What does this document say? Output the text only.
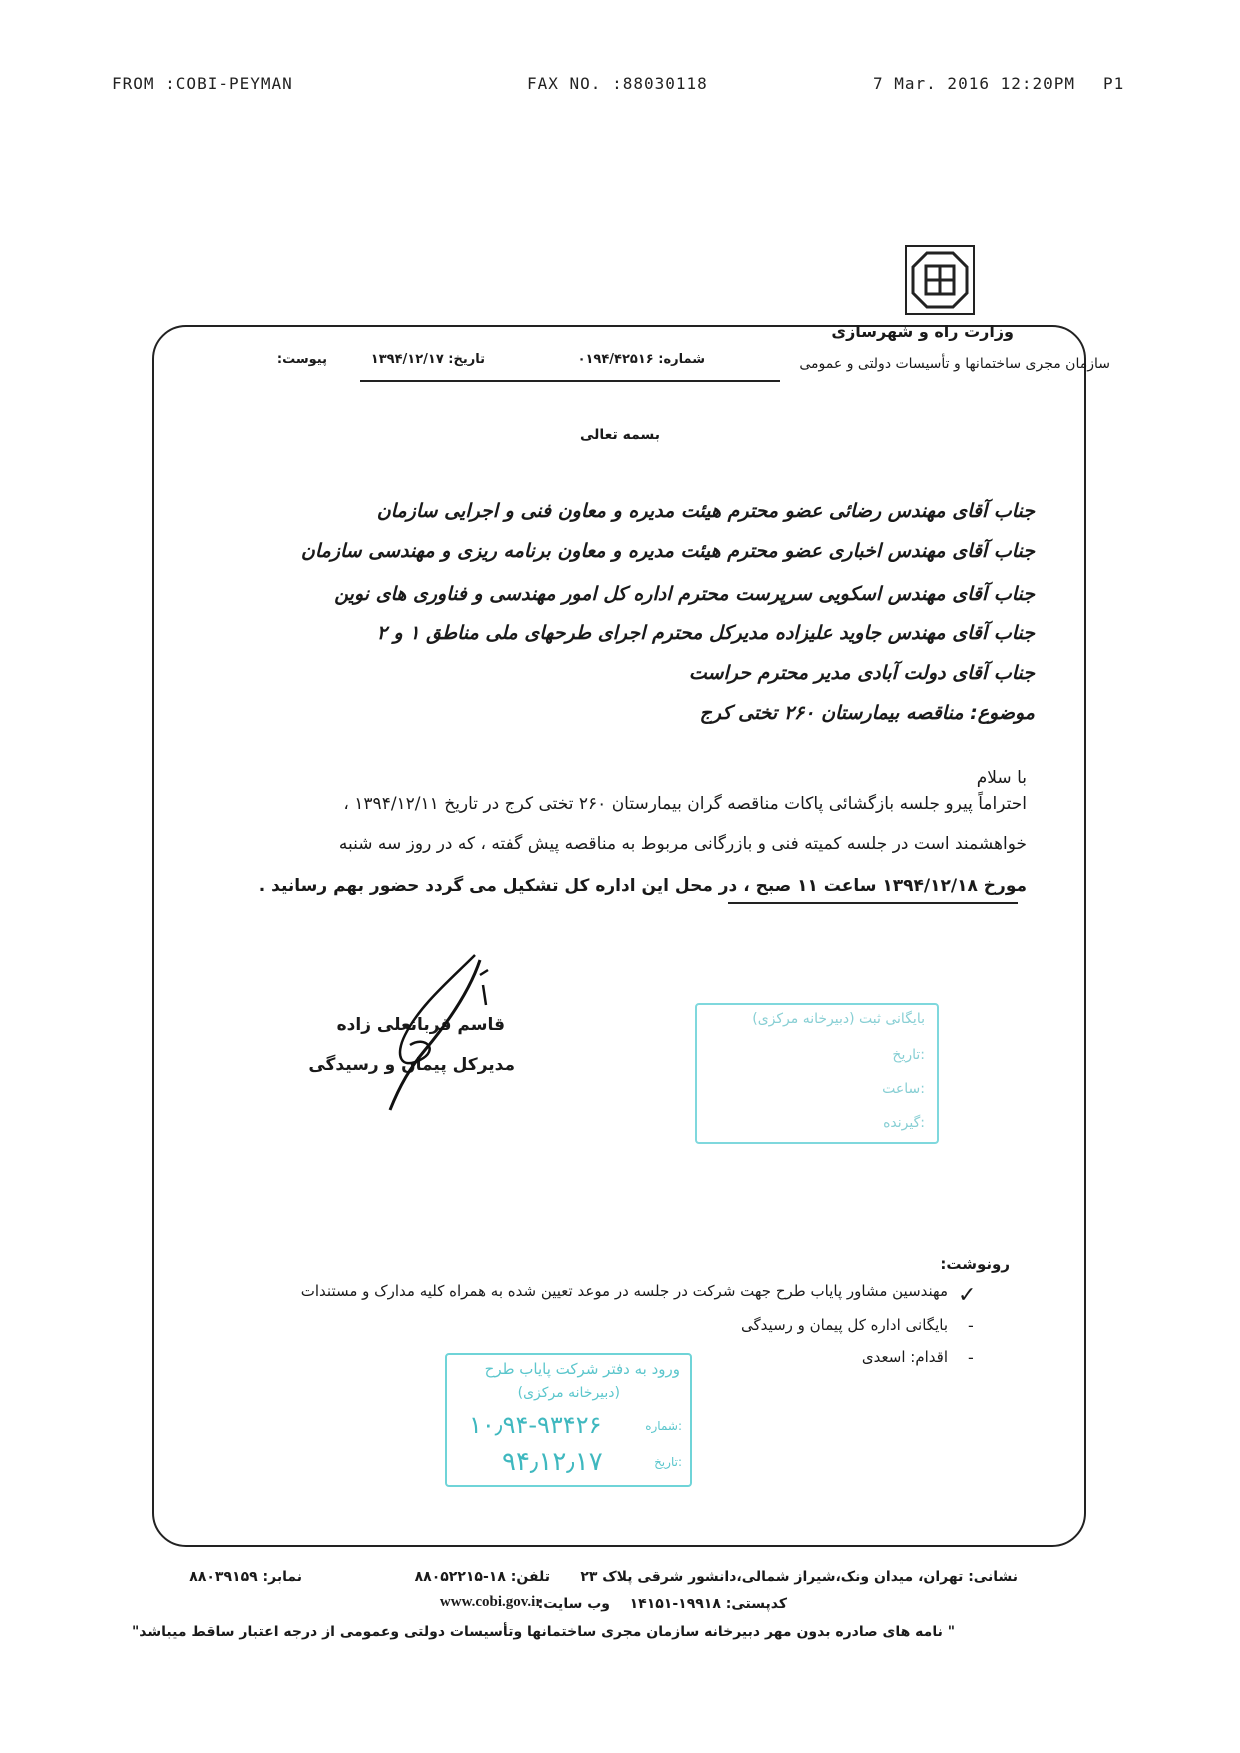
FROM :COBI-PEYMAN	FAX NO. :88030118	7 Mar. 2016 12:20PM P1
وزارت راه و شهرسازی
سازمان مجری ساختمانها و تأسیسات دولتی و عمومی
شماره: ۰۱۹۴/۴۲۵۱۶
تاریخ: ۱۳۹۴/۱۲/۱۷
پیوست:
بسمه تعالی
جناب آقای مهندس رضائی عضو محترم هیئت مدیره و معاون فنی و اجرایی سازمان
جناب آقای مهندس اخباری عضو محترم هیئت مدیره و معاون برنامه ریزی و مهندسی سازمان
جناب آقای مهندس اسکویی سرپرست محترم اداره کل امور مهندسی و فناوری های نوین
جناب آقای مهندس جاوید علیزاده مدیرکل محترم اجرای طرحهای ملی مناطق ۱ و ۲
جناب آقای دولت آبادی مدیر محترم حراست
موضوع: مناقصه بیمارستان ۲۶۰ تختی کرج
با سلام
احتراماً پیرو جلسه بازگشائی پاکات مناقصه گران بیمارستان ۲۶۰ تختی کرج در تاریخ ۱۳۹۴/۱۲/۱۱ ،
خواهشمند است در جلسه کمیته فنی و بازرگانی مربوط به مناقصه پیش گفته ، که در روز سه شنبه
مورخ ۱۳۹۴/۱۲/۱۸ ساعت ۱۱ صبح ، در محل این اداره کل تشکیل می گردد حضور بهم رسانید .
قاسم قربانعلی زاده
مدیرکل پیمان و رسیدگی
بایگانی ثبت (دبیرخانه مرکزی)
تاریخ:
ساعت:
گیرنده:
رونوشت:
✓
مهندسین مشاور پایاب طرح جهت شرکت در جلسه در موعد تعیین شده به همراه کلیه مدارک و مستندات
-
بایگانی اداره کل پیمان و رسیدگی
-
اقدام: اسعدی
ورود به دفتر شرکت پایاب طرح
(دبیرخانه مرکزی)
شماره:
۱۰٫۹۴-۹۳۴۲۶
تاریخ:
۹۴٫۱۲٫۱۷
نشانی: تهران، میدان ونک،شیراز شمالی،دانشور شرقی پلاک ۲۳
تلفن: ۱۸-۸۸۰۵۲۲۱۵
نمابر: ۸۸۰۳۹۱۵۹
کدپستی: ۱۹۹۱۸-۱۴۱۵۱
وب سایت:
www.cobi.gov.ir
" نامه های صادره بدون مهر دبیرخانه سازمان مجری ساختمانها وتأسیسات دولتی وعمومی از درجه اعتبار ساقط میباشد"
